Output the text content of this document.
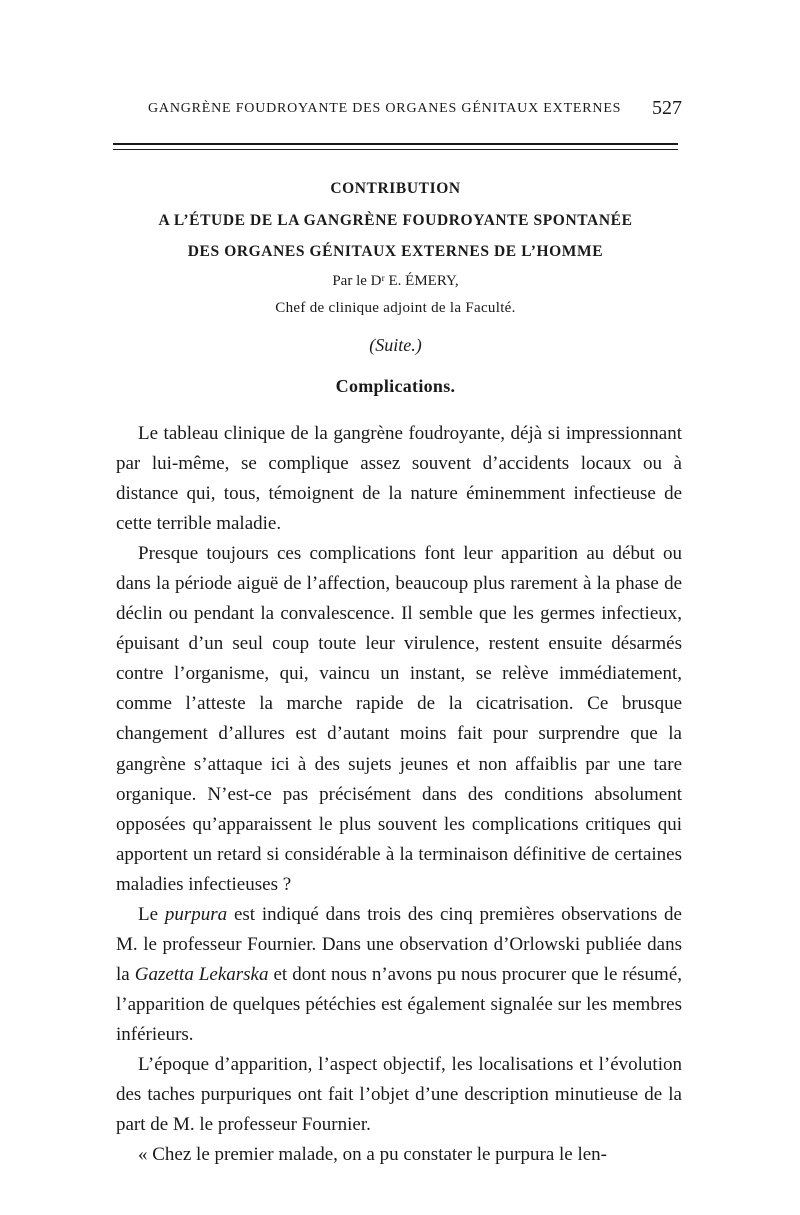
GANGRÈNE FOUDROYANTE DES ORGANES GÉNITAUX EXTERNES 527
CONTRIBUTION
A L’ÉTUDE DE LA GANGRÈNE FOUDROYANTE SPONTANÉE
DES ORGANES GÉNITAUX EXTERNES DE L’HOMME
Par le Dʳ E. ÉMERY,
Chef de clinique adjoint de la Faculté.
(Suite.)
Complications.

Le tableau clinique de la gangrène foudroyante, déjà si impressionnant par lui-même, se complique assez souvent d’accidents locaux ou à distance qui, tous, témoignent de la nature éminemment infectieuse de cette terrible maladie.

Presque toujours ces complications font leur apparition au début ou dans la période aiguë de l’affection, beaucoup plus rarement à la phase de déclin ou pendant la convalescence. Il semble que les germes infectieux, épuisant d’un seul coup toute leur virulence, restent ensuite désarmés contre l’organisme, qui, vaincu un instant, se relève immédiatement, comme l’atteste la marche rapide de la cicatrisation. Ce brusque changement d’allures est d’autant moins fait pour surprendre que la gangrène s’attaque ici à des sujets jeunes et non affaiblis par une tare organique. N’est-ce pas précisément dans des conditions absolument opposées qu’apparaissent le plus souvent les complications critiques qui apportent un retard si considérable à la terminaison définitive de certaines maladies infectieuses ?

Le purpura est indiqué dans trois des cinq premières observations de M. le professeur Fournier. Dans une observation d’Orlowski publiée dans la Gazetta Lekarska et dont nous n’avons pu nous procurer que le résumé, l’apparition de quelques pétéchies est également signalée sur les membres inférieurs.

L’époque d’apparition, l’aspect objectif, les localisations et l’évolution des taches purpuriques ont fait l’objet d’une description minutieuse de la part de M. le professeur Fournier.

« Chez le premier malade, on a pu constater le purpura le len-
